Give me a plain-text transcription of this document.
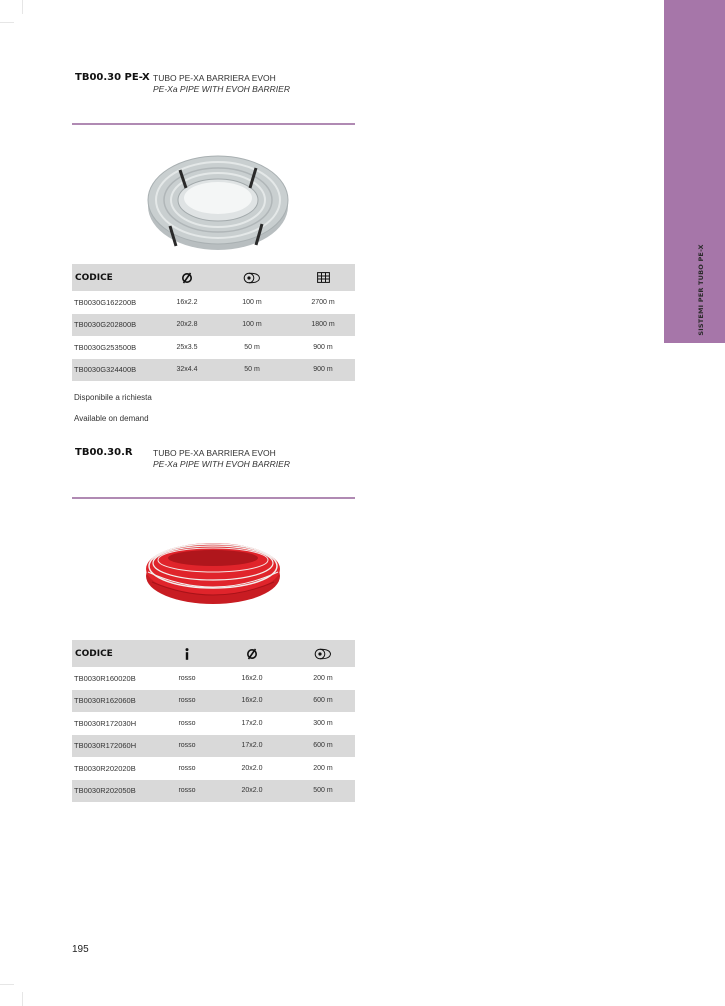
SISTEMI PER TUBO PE-X
TB00.30 PE-X TUBO PE-XA BARRIERA EVOH
PE-Xa PIPE WITH EVOH BARRIER
CODICE			
TB0030G162200B	16x2.2	100 m	2700 m
TB0030G202800B	20x2.8	100 m	1800 m
TB0030G253500B	25x3.5	50 m	900 m
TB0030G324400B	32x4.4	50 m	900 m
Disponibile a richiesta
Available on demand
TB00.30.R TUBO PE-XA BARRIERA EVOH
PE-Xa PIPE WITH EVOH BARRIER
CODICE			
TB0030R160020B	rosso	16x2.0	200 m
TB0030R162060B	rosso	16x2.0	600 m
TB0030R172030H	rosso	17x2.0	300 m
TB0030R172060H	rosso	17x2.0	600 m
TB0030R202020B	rosso	20x2.0	200 m
TB0030R202050B	rosso	20x2.0	500 m
195
